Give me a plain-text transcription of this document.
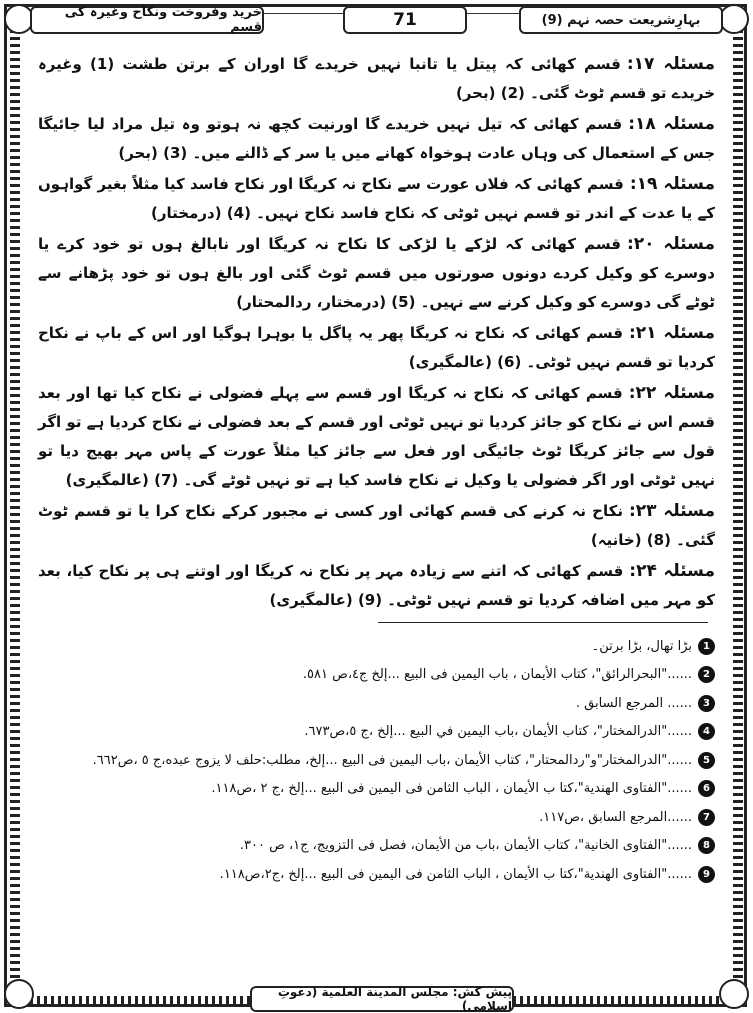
بہارِشریعت حصہ نہم (9)
71
خرید وفروخت ونکاح وغیرہ کی قسم

مسئلہ ۱۷:قسم کھائی کہ پیتل یا تانبا نہیں خریدے گا اوران کے برتن طشت (1) وغیرہ خریدے تو قسم ٹوٹ گئی۔ (2) (بحر)

مسئلہ ۱۸:قسم کھائی کہ تیل نہیں خریدے گا اورنیت کچھ نہ ہوتو وہ تیل مراد لیا جائیگا جس کے استعمال کی وہاں عادت ہوخواہ کھانے میں یا سر کے ڈالنے میں۔ (3) (بحر)

مسئلہ ۱۹:قسم کھائی کہ فلاں عورت سے نکاح نہ کریگا اور نکاح فاسد کیا مثلاً بغیر گواہوں کے یا عدت کے اندر تو قسم نہیں ٹوٹی کہ نکاح فاسد نکاح نہیں۔ (4) (درمختار)

مسئلہ ۲۰:قسم کھائی کہ لڑکے یا لڑکی کا نکاح نہ کریگا اور نابالغ ہوں تو خود کرے یا دوسرے کو وکیل کردے دونوں صورتوں میں قسم ٹوٹ گئی اور بالغ ہوں تو خود پڑھانے سے ٹوٹے گی دوسرے کو وکیل کرنے سے نہیں۔ (5) (درمختار، ردالمحتار)

مسئلہ ۲۱:قسم کھائی کہ نکاح نہ کریگا پھر یہ پاگل یا بوہرا ہوگیا اور اس کے باپ نے نکاح کردیا تو قسم نہیں ٹوٹی۔ (6) (عالمگیری)

مسئلہ ۲۲:قسم کھائی کہ نکاح نہ کریگا اور قسم سے پہلے فضولی نے نکاح کیا تھا اور بعد قسم اس نے نکاح کو جائز کردیا تو نہیں ٹوٹی اور قسم کے بعد فضولی نے نکاح کردیا ہے تو اگر قول سے جائز کریگا ٹوٹ جائیگی اور فعل سے جائز کیا مثلاً عورت کے پاس مہر بھیج دیا تو نہیں ٹوٹی اور اگر فضولی یا وکیل نے نکاح فاسد کیا ہے تو نہیں ٹوٹے گی۔ (7) (عالمگیری)

مسئلہ ۲۳:نکاح نہ کرنے کی قسم کھائی اور کسی نے مجبور کرکے نکاح کرا یا تو قسم ٹوٹ گئی۔ (8) (خانیہ)

مسئلہ ۲۴:قسم کھائی کہ اتنے سے زیادہ مہر پر نکاح نہ کریگا اور اوتنے ہی پر نکاح کیا، بعد کو مہر میں اضافہ کردیا تو قسم نہیں ٹوٹی۔ (9) (عالمگیری)

1
بڑا تھال، بڑا برتن۔
2
......"البحرالرائق"، كتاب الأيمان ، باب اليمين فى البيع ...إلخ ج٤،ص ٥٨١.
3
...... المرجع السابق .
4
......"الدرالمختار"، كتاب الأيمان ،باب اليمين في البيع ...إلخ ،ج ٥،ص٦٧٣.
5
......"الدرالمختار"و"ردالمحتار"، كتاب الأيمان ،باب اليمين فى البيع ...إلخ، مطلب:حلف لا يزوج عبده،ج ٥ ،ص٦٦٢.
6
......"الفتاوى الهندية"،كتا ب الأيمان ، الباب الثامن فى اليمين فى البيع ...إلخ ،ج ٢ ،ص١١٨.
7
......المرجع السابق ،ص١١٧.
8
......"الفتاوى الخانية"، كتاب الأيمان ،باب من الأيمان، فصل فى التزويج، ج١، ص ٣٠٠.
9
......"الفتاوى الهندية"،كتا ب الأيمان ، الباب الثامن فى اليمين فى البيع ...إلخ ،ج٢،ص١١٨.
پیش کش: مجلس المدينة العلمية (دعوتِ اسلامی)
